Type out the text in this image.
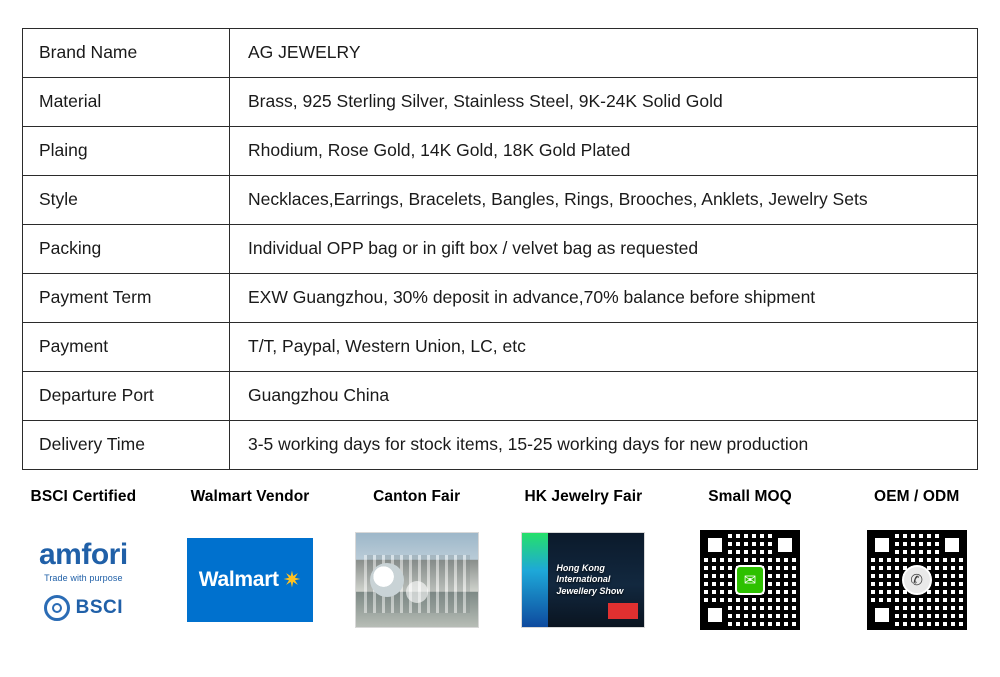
Brand Name	AG JEWELRY
Material	Brass, 925 Sterling Silver, Stainless Steel, 9K-24K Solid Gold
Plaing	Rhodium, Rose Gold, 14K Gold, 18K Gold Plated
Style	Necklaces,Earrings, Bracelets, Bangles, Rings, Brooches, Anklets, Jewelry Sets
Packing	Individual OPP bag or in gift box / velvet bag as requested
Payment Term	EXW Guangzhou, 30% deposit in advance,70% balance before shipment
Payment	T/T, Paypal, Western Union, LC, etc
Departure Port	Guangzhou China
Delivery Time	3-5 working days for stock items, 15-25 working days for new production
BSCI Certified
amfori
Trade with purpose
BSCI
Walmart Vendor
Walmart ✷
Canton Fair	HK Jewelry Fair
Hong Kong International Jewellery Show
Small MOQ
✉
OEM / ODM
✆
